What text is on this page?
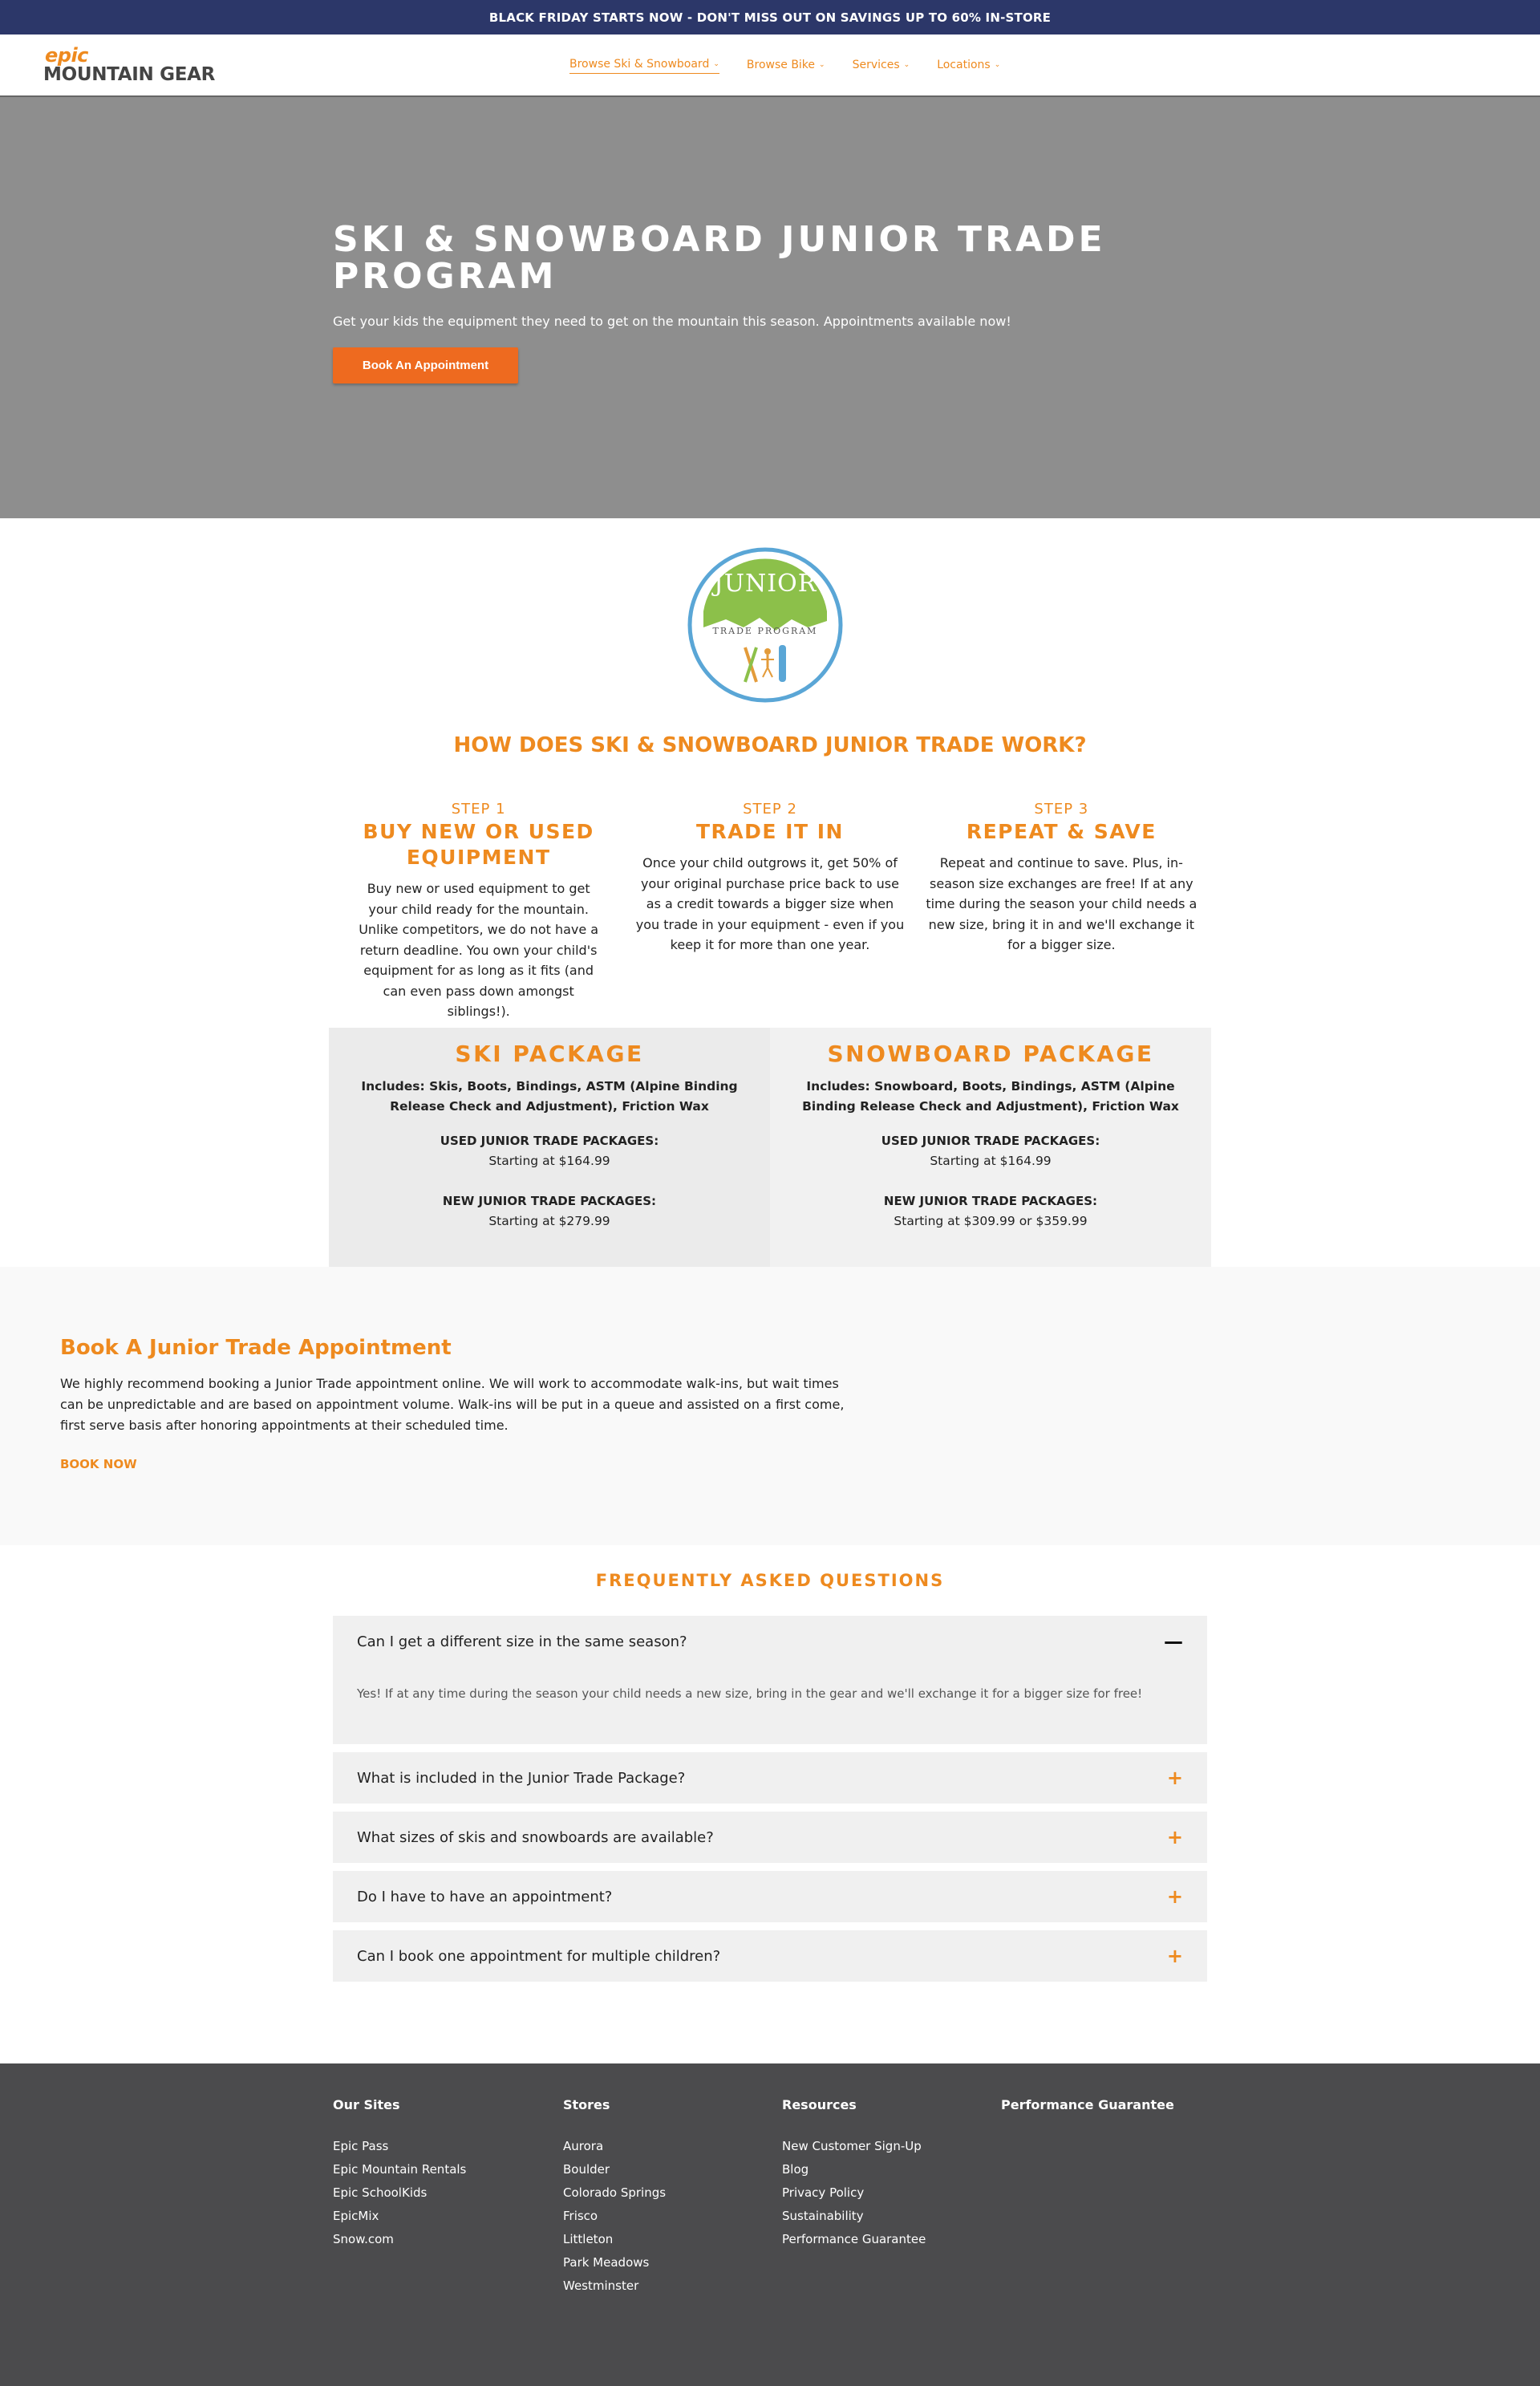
BLACK FRIDAY STARTS NOW - DON'T MISS OUT ON SAVINGS UP TO 60% IN-STORE
epic
MOUNTAIN GEAR	Browse Ski & Snowboard ⌄ Browse Bike ⌄ Services ⌄ Locations ⌄
SKI & SNOWBOARD JUNIOR TRADE PROGRAM

Get your kids the equipment they need to get on the mountain this season. Appointments available now!

Book An Appointment
JUNIOR
TRADE PROGRAM
HOW DOES SKI & SNOWBOARD JUNIOR TRADE WORK?
STEP 1
BUY NEW OR USED EQUIPMENT

Buy new or used equipment to get your child ready for the mountain. Unlike competitors, we do not have a return deadline. You own your child's equipment for as long as it fits (and can even pass down amongst siblings!).

STEP 2
TRADE IT IN

Once your child outgrows it, get 50% of your original purchase price back to use as a credit towards a bigger size when you trade in your equipment - even if you keep it for more than one year.

STEP 3
REPEAT & SAVE

Repeat and continue to save. Plus, in-season size exchanges are free! If at any time during the season your child needs a new size, bring it in and we'll exchange it for a bigger size.

SKI PACKAGE
Includes: Skis, Boots, Bindings, ASTM (Alpine Binding Release Check and Adjustment), Friction Wax
USED JUNIOR TRADE PACKAGES:
Starting at $164.99
NEW JUNIOR TRADE PACKAGES:
Starting at $279.99
SNOWBOARD PACKAGE
Includes: Snowboard, Boots, Bindings, ASTM (Alpine Binding Release Check and Adjustment), Friction Wax
USED JUNIOR TRADE PACKAGES:
Starting at $164.99
NEW JUNIOR TRADE PACKAGES:
Starting at $309.99 or $359.99
Book A Junior Trade Appointment

We highly recommend booking a Junior Trade appointment online. We will work to accommodate walk-ins, but wait times can be unpredictable and are based on appointment volume. Walk-ins will be put in a queue and assisted on a first come, first serve basis after honoring appointments at their scheduled time.

BOOK NOW
FREQUENTLY ASKED QUESTIONS
Can I get a different size in the same season?	—

Yes! If at any time during the season your child needs a new size, bring in the gear and we'll exchange it for a bigger size for free!

What is included in the Junior Trade Package?	+
What sizes of skis and snowboards are available?	+
Do I have to have an appointment?	+
Can I book one appointment for multiple children?	+
Our Sites
Epic Pass
Epic Mountain Rentals
Epic SchoolKids
EpicMix
Snow.com
Stores
Aurora
Boulder
Colorado Springs
Frisco
Littleton
Park Meadows
Westminster
Resources
New Customer Sign-Up
Blog
Privacy Policy
Sustainability
Performance Guarantee
Performance Guarantee
